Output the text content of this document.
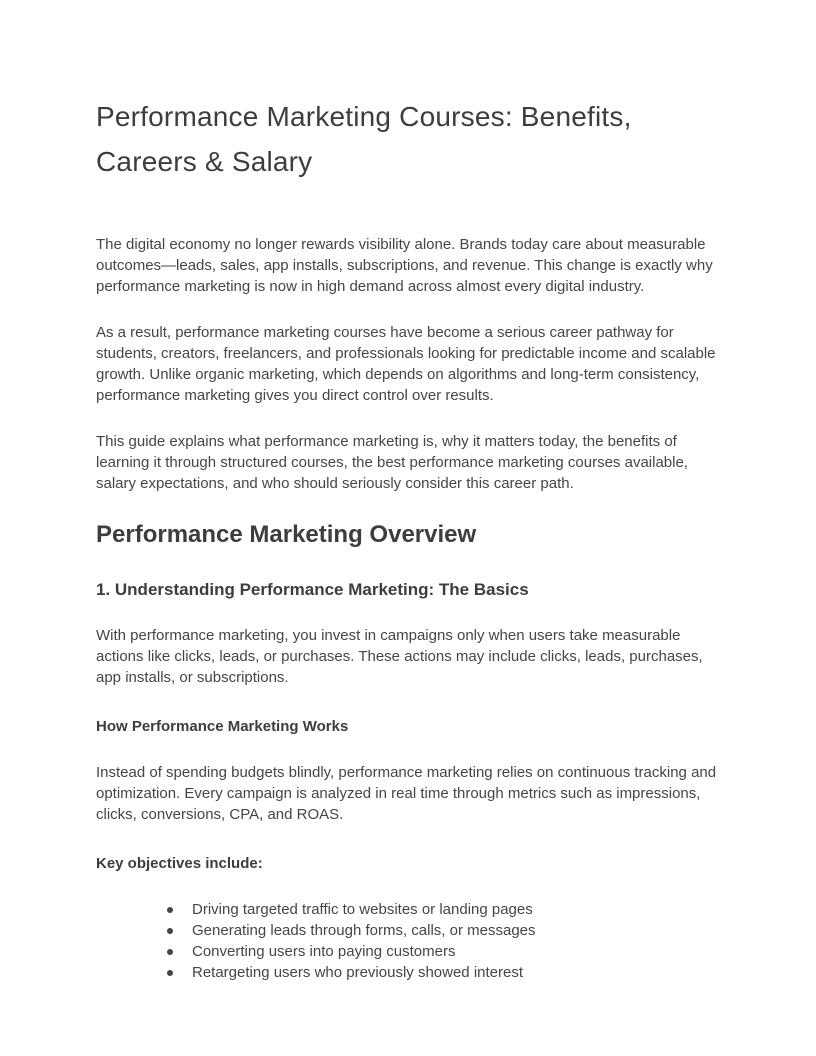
Performance Marketing Courses: Benefits, Careers & Salary

The digital economy no longer rewards visibility alone. Brands today care about measurable outcomes—leads, sales, app installs, subscriptions, and revenue. This change is exactly why performance marketing is now in high demand across almost every digital industry.

As a result, performance marketing courses have become a serious career pathway for students, creators, freelancers, and professionals looking for predictable income and scalable growth. Unlike organic marketing, which depends on algorithms and long-term consistency, performance marketing gives you direct control over results.

This guide explains what performance marketing is, why it matters today, the benefits of learning it through structured courses, the best performance marketing courses available, salary expectations, and who should seriously consider this career path.

Performance Marketing Overview
1. Understanding Performance Marketing: The Basics

With performance marketing, you invest in campaigns only when users take measurable actions like clicks, leads, or purchases. These actions may include clicks, leads, purchases, app installs, or subscriptions.

How Performance Marketing Works

Instead of spending budgets blindly, performance marketing relies on continuous tracking and optimization. Every campaign is analyzed in real time through metrics such as impressions, clicks, conversions, CPA, and ROAS.

Key objectives include:
Driving targeted traffic to websites or landing pages
Generating leads through forms, calls, or messages
Converting users into paying customers
Retargeting users who previously showed interest
